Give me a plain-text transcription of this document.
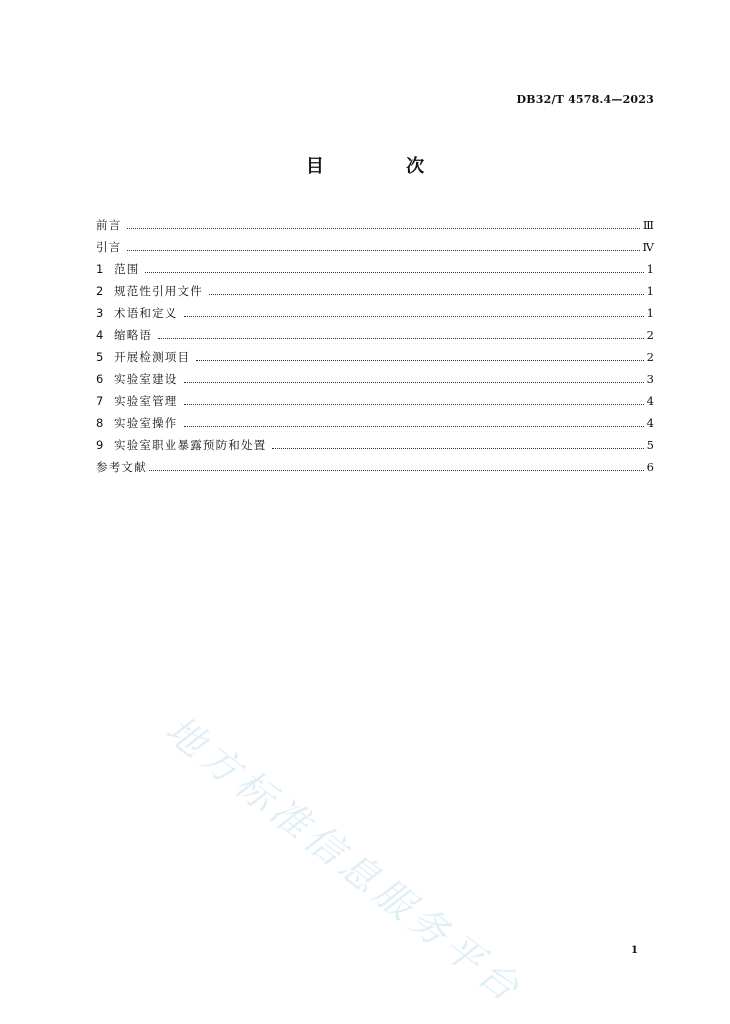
DB32/T 4578.4—2023
目 次
前言	Ⅲ
引言	Ⅳ
1 范围	1
2 规范性引用文件	1
3 术语和定义	1
4 缩略语	2
5 开展检测项目	2
6 实验室建设	3
7 实验室管理	4
8 实验室操作	4
9 实验室职业暴露预防和处置	5
参考文献	6
地方标准信息服务平台	1
